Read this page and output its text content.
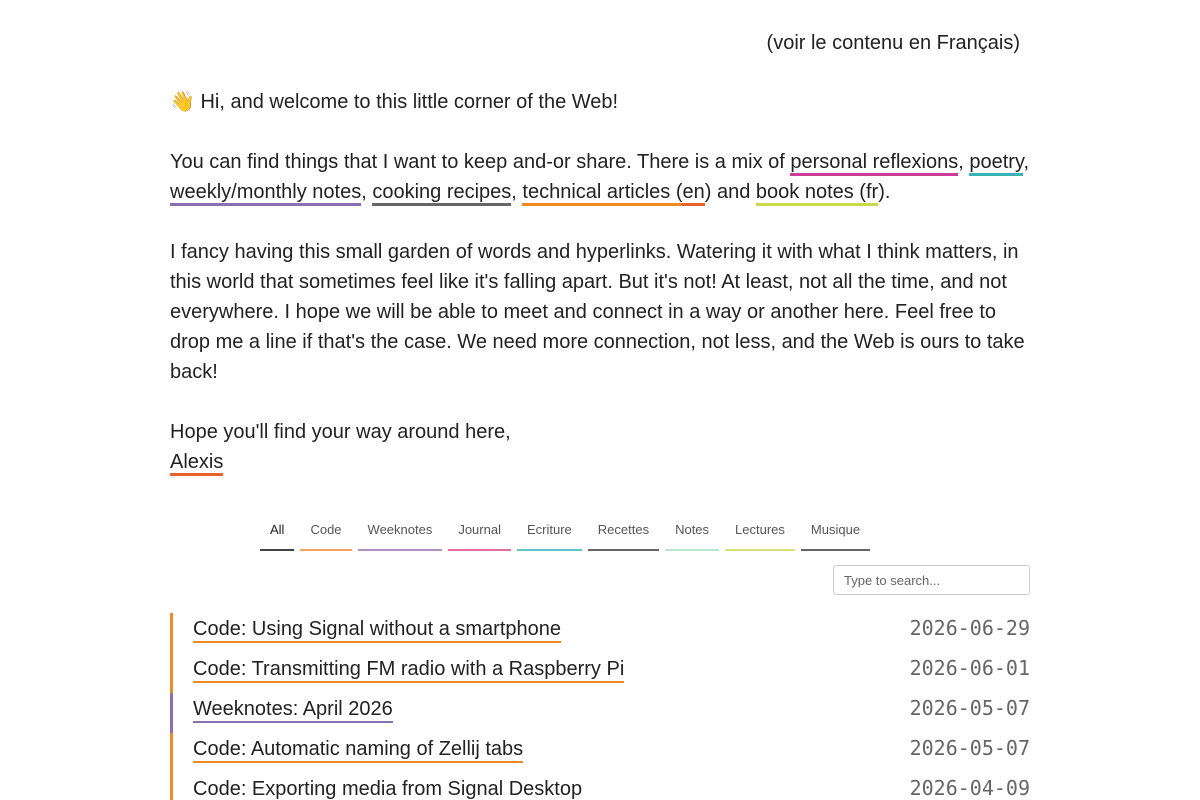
(voir le contenu en Français)

👋 Hi, and welcome to this little corner of the Web!

You can find things that I want to keep and-or share. There is a mix of personal reflexions, poetry,
weekly/monthly notes, cooking recipes, technical articles (en) and book notes (fr).

I fancy having this small garden of words and hyperlinks. Watering it with what I think matters, in this world that sometimes feel like it's falling apart. But it's not! At least, not all the time, and not everywhere. I hope we will be able to meet and connect in a way or another here. Feel free to drop me a line if that's the case. We need more connection, not less, and the Web is ours to take back!

Hope you'll find your way around here,
Alexis

All	Code	Weeknotes	Journal	Ecriture	Recettes	Notes	Lectures	Musique
Type to search...
Code: Using Signal without a smartphone	2026-06-29
Code: Transmitting FM radio with a Raspberry Pi	2026-06-01
Weeknotes: April 2026	2026-05-07
Code: Automatic naming of Zellij tabs	2026-05-07
Code: Exporting media from Signal Desktop	2026-04-09
